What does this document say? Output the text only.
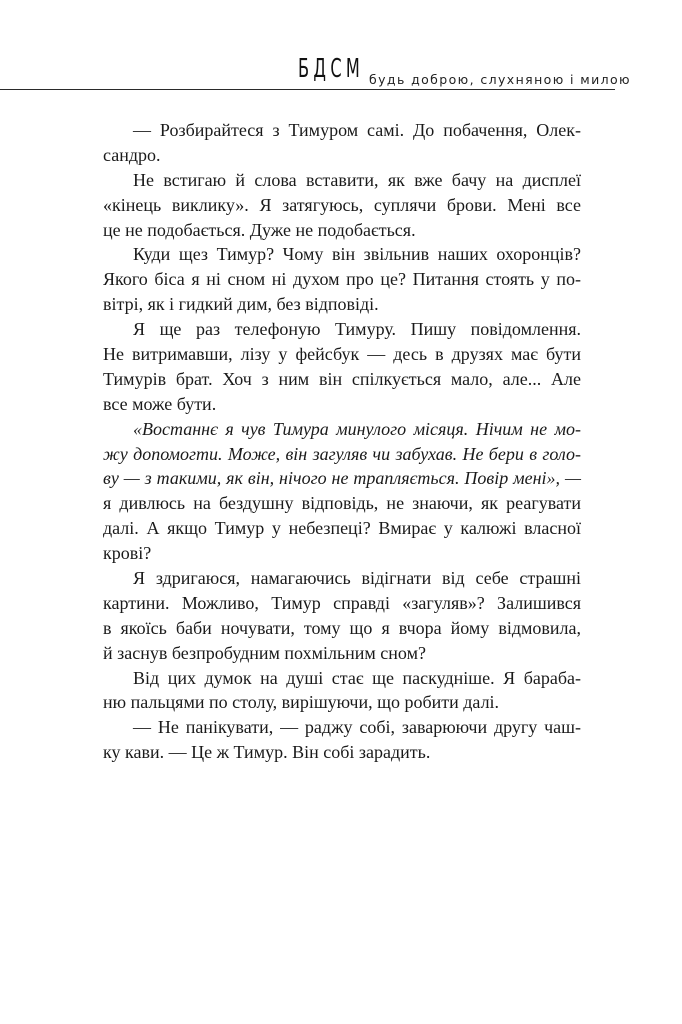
БДСМ будь доброю, слухняною і милою
— Розбирайтеся з Тимуром самі. До побачення, Олек-
сандро.
Не встигаю й слова вставити, як вже бачу на дисплеї
«кінець виклику». Я затягуюсь, суплячи брови. Мені все
це не подобається. Дуже не подобається.
Куди щез Тимур? Чому він звільнив наших охоронців?
Якого біса я ні сном ні духом про це? Питання стоять у по-
вітрі, як і гидкий дим, без відповіді.
Я ще раз телефоную Тимуру. Пишу повідомлення.
Не витримавши, лізу у фейсбук — десь в друзях має бути
Тимурів брат. Хоч з ним він спілкується мало, але... Але
все може бути.
«Востаннє я чув Тимура минулого місяця. Нічим не мо-
жу допомогти. Може, він загуляв чи забухав. Не бери в голо-
ву — з такими, як він, нічого не трапляється. Повір мені», —
я дивлюсь на бездушну відповідь, не знаючи, як реагувати
далі. А якщо Тимур у небезпеці? Вмирає у калюжі власної
крові?
Я здригаюся, намагаючись відігнати від себе страшні
картини. Можливо, Тимур справді «загуляв»? Залишився
в якоїсь баби ночувати, тому що я вчора йому відмовила,
й заснув безпробудним похмільним сном?
Від цих думок на душі стає ще паскудніше. Я бараба-
ню пальцями по столу, вирішуючи, що робити далі.
— Не панікувати, — раджу собі, заварюючи другу чаш-
ку кави. — Це ж Тимур. Він собі зарадить.
